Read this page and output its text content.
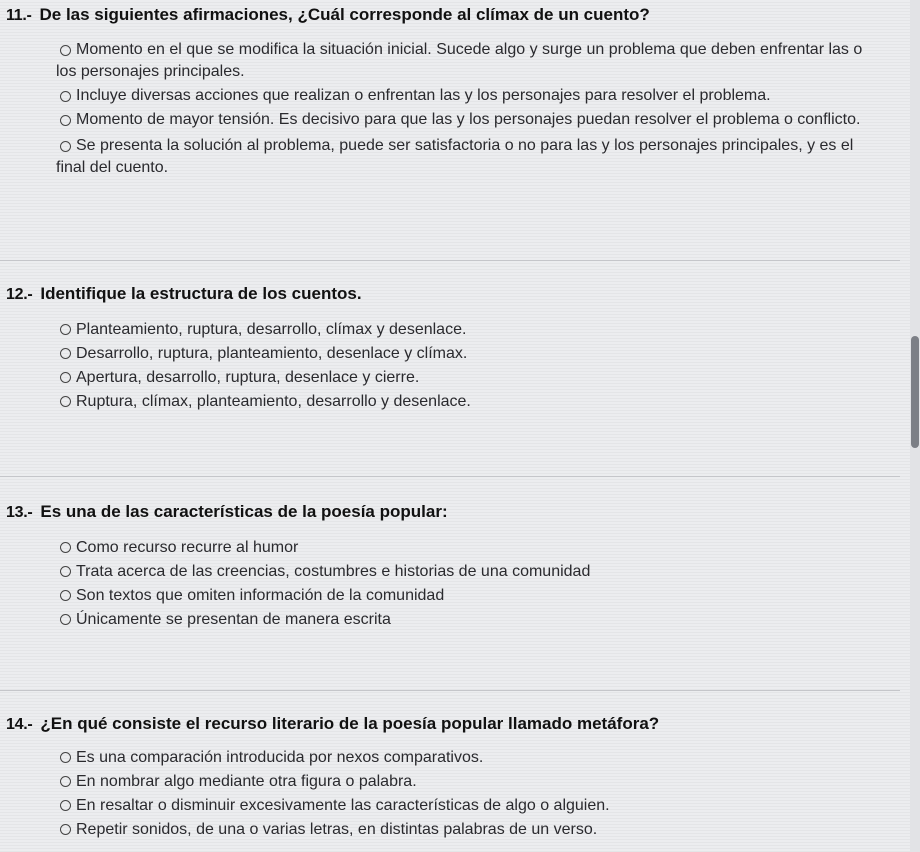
11.- De las siguientes afirmaciones, ¿Cuál corresponde al clímax de un cuento?
Momento en el que se modifica la situación inicial. Sucede algo y surge un problema que deben enfrentar las o los personajes principales.
Incluye diversas acciones que realizan o enfrentan las y los personajes para resolver el problema.
Momento de mayor tensión. Es decisivo para que las y los personajes puedan resolver el problema o conflicto.
Se presenta la solución al problema, puede ser satisfactoria o no para las y los personajes principales, y es el final del cuento.
12.- Identifique la estructura de los cuentos.
Planteamiento, ruptura, desarrollo, clímax y desenlace.
Desarrollo, ruptura, planteamiento, desenlace y clímax.
Apertura, desarrollo, ruptura, desenlace y cierre.
Ruptura, clímax, planteamiento, desarrollo y desenlace.
13.- Es una de las características de la poesía popular:
Como recurso recurre al humor
Trata acerca de las creencias, costumbres e historias de una comunidad
Son textos que omiten información de la comunidad
Únicamente se presentan de manera escrita
14.- ¿En qué consiste el recurso literario de la poesía popular llamado metáfora?
Es una comparación introducida por nexos comparativos.
En nombrar algo mediante otra figura o palabra.
En resaltar o disminuir excesivamente las características de algo o alguien.
Repetir sonidos, de una o varias letras, en distintas palabras de un verso.
